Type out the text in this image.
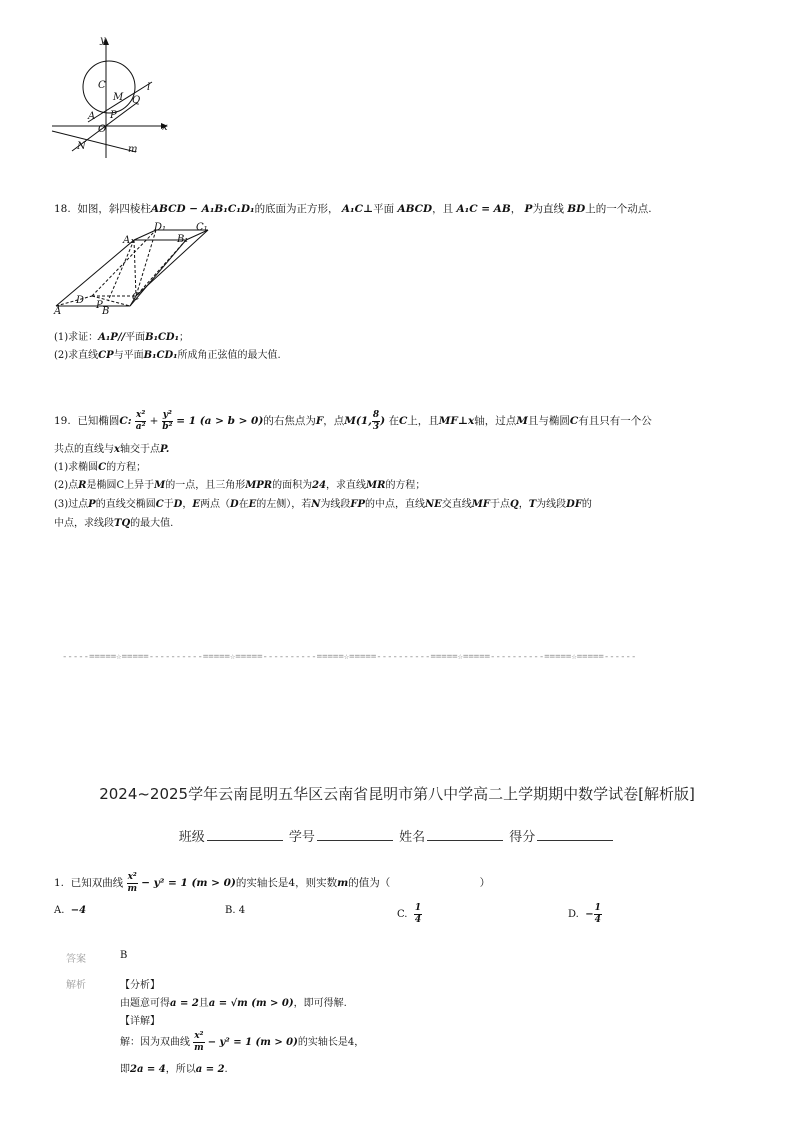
y
x
C
M
l
Q
A P
O
N	m
18. 如图，斜四棱柱ABCD − A₁B₁C₁D₁的底面为正方形， A₁C⊥平面 ABCD，且 A₁C = AB， P为直线 BD上的一个动点.
A₁
D₁
B₁
C₁
D P
B
C
A
(1)求证：A₁P//平面B₁CD₁；
(2)求直线CP与平面B₁CD₁所成角正弦值的最大值.
19. 已知椭圆C: $\frac{\text{x²}}{\text{a²}} + \frac{\text{y²}}{\text{b²}} = 1$ (a > b > 0)的右焦点为F，点M(1, $\frac{8}{3}$ ) 在C上，且MF⊥x轴，过点M且与椭圆C有且只有一个公
共点的直线与x轴交于点P.
(1)求椭圆C的方程；
(2)点R是椭圆C上异于M的一点，且三角形MPR的面积为24，求直线MR的方程；
(3)过点P的直线交椭圆C于D，E两点（D在E的左侧），若N为线段FP的中点，直线NE交直线MF于点Q，T为线段DF的
中点，求线段TQ的最大值.
-----=====☆=====----------=====☆=====----------=====☆=====----------=====☆=====----------=====☆=====------
2024~2025学年云南昆明五华区云南省昆明市第八中学高二上学期期中数学试卷[解析版]
班级	学号	姓名	得分
1. 已知双曲线 $\frac{\text{x²}}{m} - y^2 = 1$ (m > 0)的实轴长是4，则实数m的值为（	）
A. −4	B. 4	C. $\frac{1}{4}$	D. − $\frac{1}{4}$
答案	B
解析	【分析】
由题意可得a = 2且a = √m (m > 0)，即可得解.
【详解】
解：因为双曲线 $\frac{\text{x²}}{m} - y^2 = 1$ (m > 0)的实轴长是4，
即2a = 4，所以a = 2.
